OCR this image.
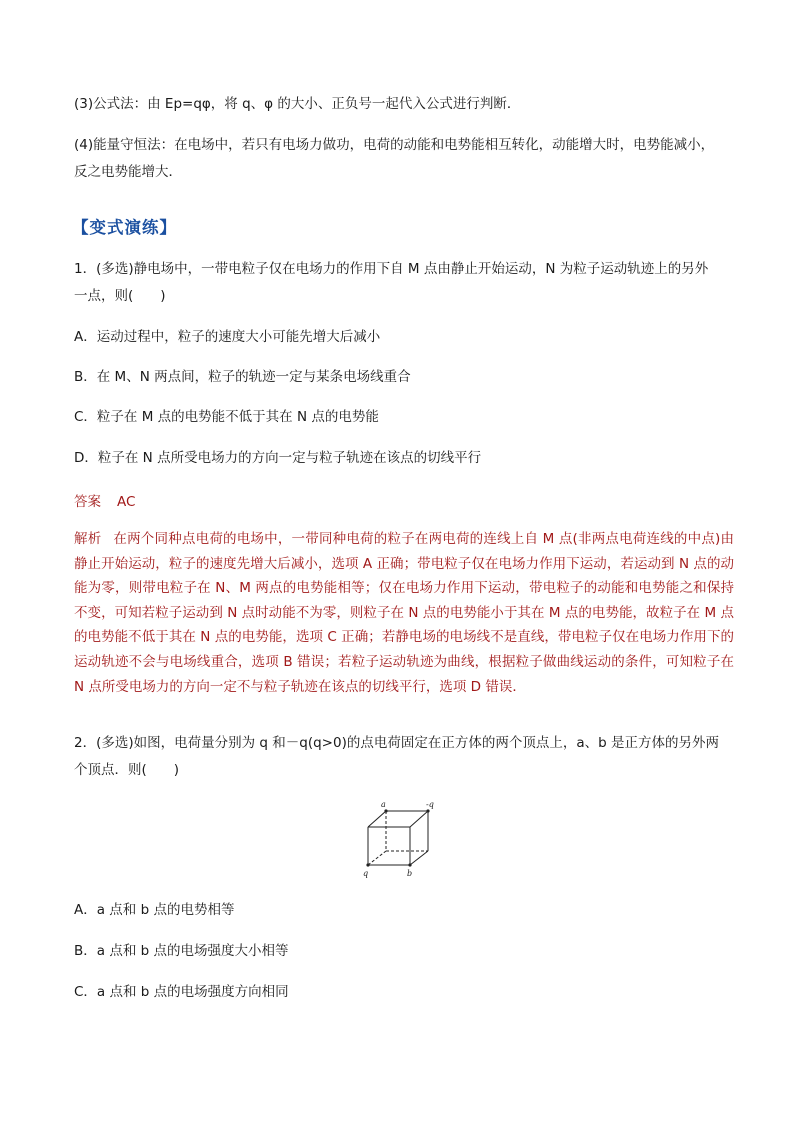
(3)公式法：由 Ep=qφ，将 q、φ 的大小、正负号一起代入公式进行判断．
(4)能量守恒法：在电场中，若只有电场力做功，电荷的动能和电势能相互转化，动能增大时，电势能减小，
反之电势能增大．
【变式演练】
1．(多选)静电场中，一带电粒子仅在电场力的作用下自 M 点由静止开始运动，N 为粒子运动轨迹上的另外
一点，则(　　)
A．运动过程中，粒子的速度大小可能先增大后减小
B．在 M、N 两点间，粒子的轨迹一定与某条电场线重合
C．粒子在 M 点的电势能不低于其在 N 点的电势能
D．粒子在 N 点所受电场力的方向一定与粒子轨迹在该点的切线平行
答案 AC
解析 在两个同种点电荷的电场中，一带同种电荷的粒子在两电荷的连线上自 M 点(非两点电荷连线的中点)由静止开始运动，粒子的速度先增大后减小，选项 A 正确；带电粒子仅在电场力作用下运动，若运动到 N 点的动能为零，则带电粒子在 N、M 两点的电势能相等；仅在电场力作用下运动，带电粒子的动能和电势能之和保持不变，可知若粒子运动到 N 点时动能不为零，则粒子在 N 点的电势能小于其在 M 点的电势能，故粒子在 M 点的电势能不低于其在 N 点的电势能，选项 C 正确；若静电场的电场线不是直线，带电粒子仅在电场力作用下的运动轨迹不会与电场线重合，选项 B 错误；若粒子运动轨迹为曲线，根据粒子做曲线运动的条件，可知粒子在 N 点所受电场力的方向一定不与粒子轨迹在该点的切线平行，选项 D 错误．
2．(多选)如图，电荷量分别为 q 和－q(q>0)的点电荷固定在正方体的两个顶点上，a、b 是正方体的另外两
个顶点．则(　　)
a	-q
q	b
A．a 点和 b 点的电势相等
B．a 点和 b 点的电场强度大小相等
C．a 点和 b 点的电场强度方向相同
